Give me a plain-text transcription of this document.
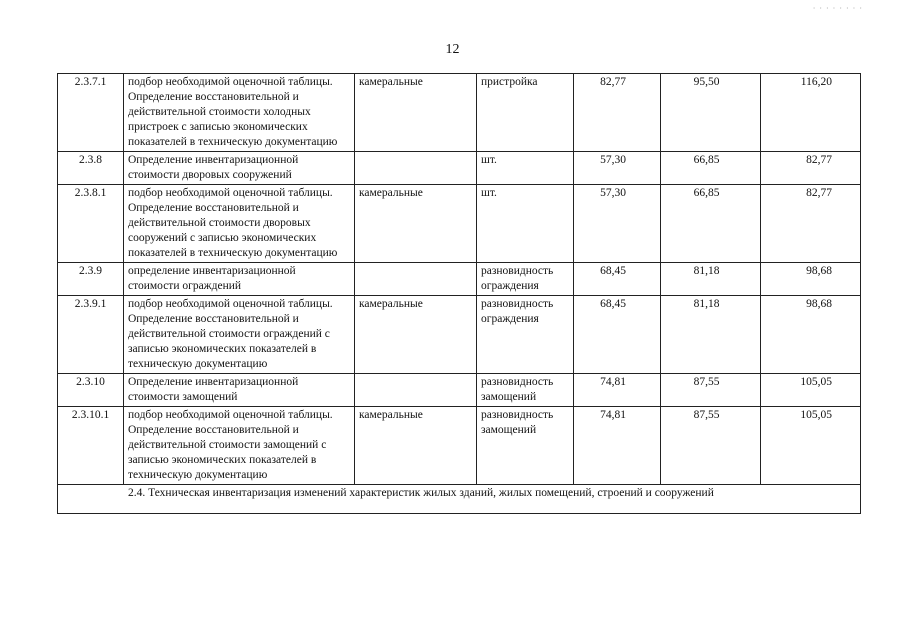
· · · · · · · ·
12
2.3.7.1	подбор необходимой оценочной таблицы. Определение восстановительной и действительной стоимости холодных пристроек с записью экономических показателей в техническую документацию	камеральные	пристройка	82,77	95,50	116,20
2.3.8	Определение инвентаризационной стоимости дворовых сооружений		шт.	57,30	66,85	82,77
2.3.8.1	подбор необходимой оценочной таблицы. Определение восстановительной и действительной стоимости дворовых сооружений с записью экономических показателей в техническую документацию	камеральные	шт.	57,30	66,85	82,77
2.3.9	определение инвентаризационной стоимости ограждений		разновидность ограждения	68,45	81,18	98,68
2.3.9.1	подбор необходимой оценочной таблицы. Определение восстановительной и действительной стоимости ограждений с записью экономических показателей в техническую документацию	камеральные	разновидность ограждения	68,45	81,18	98,68
2.3.10	Определение инвентаризационной стоимости замощений		разновидность замощений	74,81	87,55	105,05
2.3.10.1	подбор необходимой оценочной таблицы. Определение восстановительной и действительной стоимости замощений с записью экономических показателей в техническую документацию	камеральные	разновидность замощений	74,81	87,55	105,05
2.4. Техническая инвентаризация изменений характеристик жилых зданий, жилых помещений, строений и сооружений						
